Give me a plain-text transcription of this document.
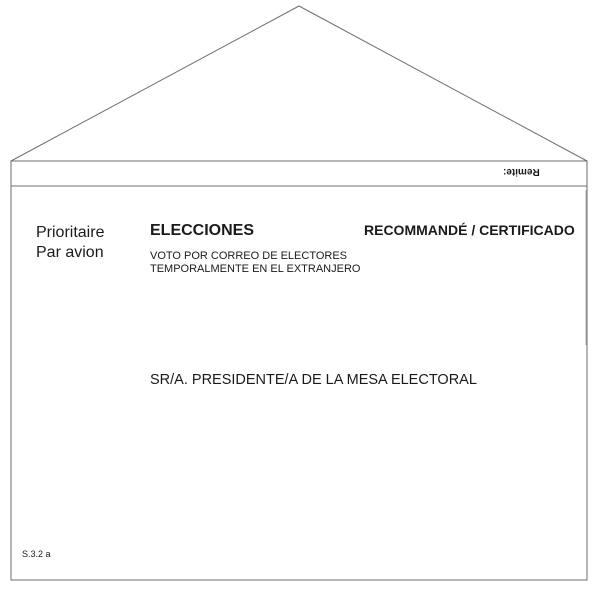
Remite:
Prioritaire
Par avion
ELECCIONES
VOTO POR CORREO DE ELECTORES
TEMPORALMENTE EN EL EXTRANJERO
RECOMMANDÉ / CERTIFICADO
SR/A. PRESIDENTE/A DE LA MESA ELECTORAL
S.3.2 a
